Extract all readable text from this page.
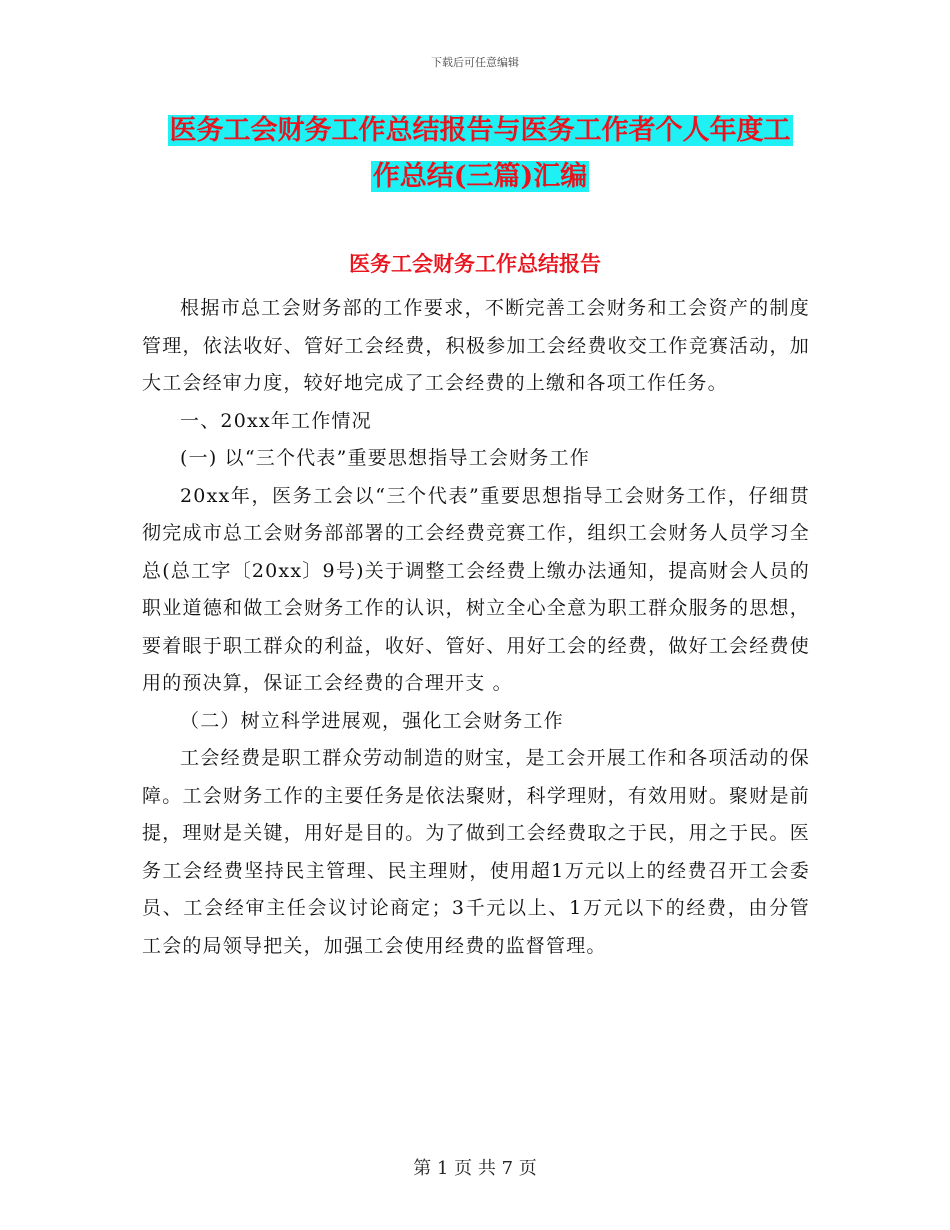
下载后可任意编辑
医务工会财务工作总结报告与医务工作者个人年度工
作总结(三篇)汇编
医务工会财务工作总结报告

根据市总工会财务部的工作要求，不断完善工会财务和工会资产的制度管理，依法收好、管好工会经费，积极参加工会经费收交工作竞赛活动，加大工会经审力度，较好地完成了工会经费的上缴和各项工作任务。

一、20xx年工作情况

(一) 以“三个代表”重要思想指导工会财务工作

20xx年，医务工会以“三个代表”重要思想指导工会财务工作，仔细贯彻完成市总工会财务部部署的工会经费竞赛工作，组织工会财务人员学习全总(总工字〔20xx〕9号)关于调整工会经费上缴办法通知，提高财会人员的职业道德和做工会财务工作的认识，树立全心全意为职工群众服务的思想，要着眼于职工群众的利益，收好、管好、用好工会的经费，做好工会经费使用的预决算，保证工会经费的合理开支 。

（二）树立科学进展观，强化工会财务工作

工会经费是职工群众劳动制造的财宝，是工会开展工作和各项活动的保障。工会财务工作的主要任务是依法聚财，科学理财，有效用财。聚财是前提，理财是关键，用好是目的。为了做到工会经费取之于民，用之于民。医务工会经费坚持民主管理、民主理财，使用超1万元以上的经费召开工会委员、工会经审主任会议讨论商定；3千元以上、1万元以下的经费，由分管工会的局领导把关，加强工会使用经费的监督管理。

第 1 页 共 7 页
